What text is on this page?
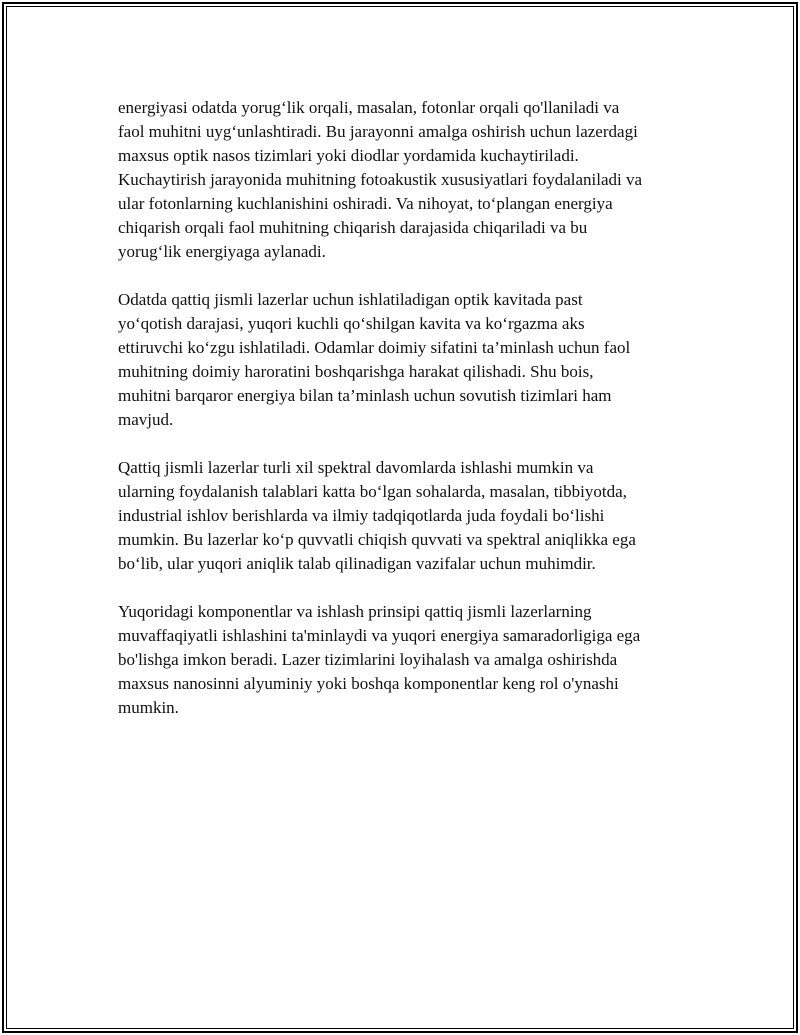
energiyasi odatda yorug‘lik orqali, masalan, fotonlar orqali qo'llaniladi va
faol muhitni uyg‘unlashtiradi. Bu jarayonni amalga oshirish uchun lazerdagi
maxsus optik nasos tizimlari yoki diodlar yordamida kuchaytiriladi.
Kuchaytirish jarayonida muhitning fotoakustik xususiyatlari foydalaniladi va
ular fotonlarning kuchlanishini oshiradi. Va nihoyat, to‘plangan energiya
chiqarish orqali faol muhitning chiqarish darajasida chiqariladi va bu
yorug‘lik energiyaga aylanadi.

Odatda qattiq jismli lazerlar uchun ishlatiladigan optik kavitada past
yo‘qotish darajasi, yuqori kuchli qo‘shilgan kavita va ko‘rgazma aks
ettiruvchi ko‘zgu ishlatiladi. Odamlar doimiy sifatini ta’minlash uchun faol
muhitning doimiy haroratini boshqarishga harakat qilishadi. Shu bois,
muhitni barqaror energiya bilan ta’minlash uchun sovutish tizimlari ham
mavjud.

Qattiq jismli lazerlar turli xil spektral davomlarda ishlashi mumkin va
ularning foydalanish talablari katta bo‘lgan sohalarda, masalan, tibbiyotda,
industrial ishlov berishlarda va ilmiy tadqiqotlarda juda foydali bo‘lishi
mumkin. Bu lazerlar ko‘p quvvatli chiqish quvvati va spektral aniqlikka ega
bo‘lib, ular yuqori aniqlik talab qilinadigan vazifalar uchun muhimdir.

Yuqoridagi komponentlar va ishlash prinsipi qattiq jismli lazerlarning
muvaffaqiyatli ishlashini ta'minlaydi va yuqori energiya samaradorligiga ega
bo'lishga imkon beradi. Lazer tizimlarini loyihalash va amalga oshirishda
maxsus nanosinni alyuminiy yoki boshqa komponentlar keng rol o'ynashi
mumkin.
